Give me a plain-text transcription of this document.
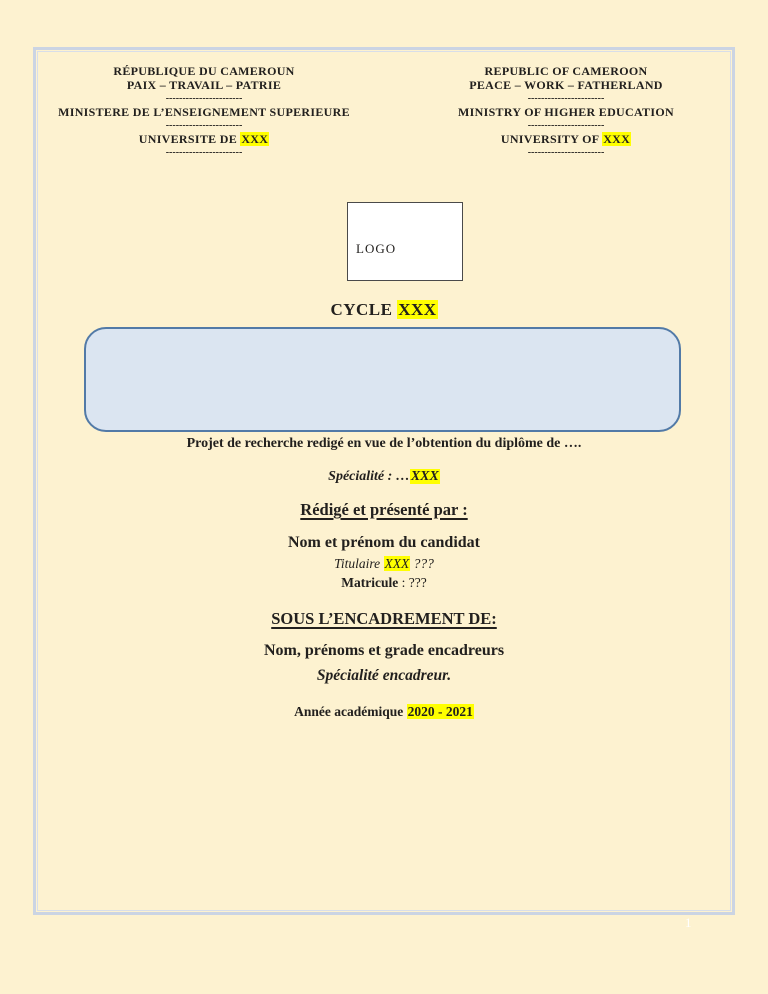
RÉPUBLIQUE DU CAMEROUN
PAIX – TRAVAIL – PATRIE
-----------------------
MINISTERE DE L’ENSEIGNEMENT SUPERIEURE
-----------------------
UNIVERSITE DE XXX
-----------------------
REPUBLIC OF CAMEROON
PEACE – WORK – FATHERLAND
-----------------------
MINISTRY OF HIGHER EDUCATION
-----------------------
UNIVERSITY OF XXX
-----------------------
LOGO
CYCLE XXX
Projet de recherche redigé en vue de l’obtention du diplôme de ….
Spécialité : …XXX
Rédigé et présenté par :
Nom et prénom du candidat
Titulaire XXX ???
Matricule : ???
SOUS L’ENCADREMENT DE:
Nom, prénoms et grade encadreurs
Spécialité encadreur.
Année académique 2020 - 2021
1
